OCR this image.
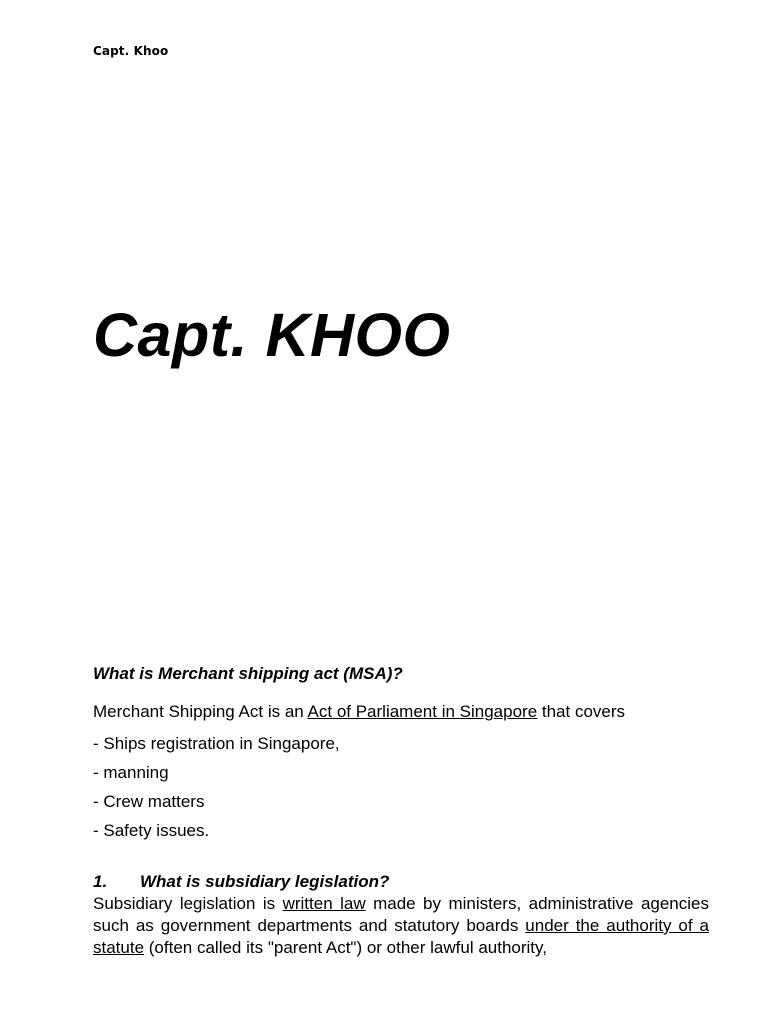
Capt. Khoo
Capt. KHOO
What is Merchant shipping act (MSA)?
Merchant Shipping Act is an Act of Parliament in Singapore that covers
- Ships registration in Singapore,
- manning
- Crew matters
- Safety issues.
1. What is subsidiary legislation?
Subsidiary legislation is written law made by ministers, administrative agencies such as government departments and statutory boards under the authority of a statute (often called its "parent Act") or other lawful authority,
